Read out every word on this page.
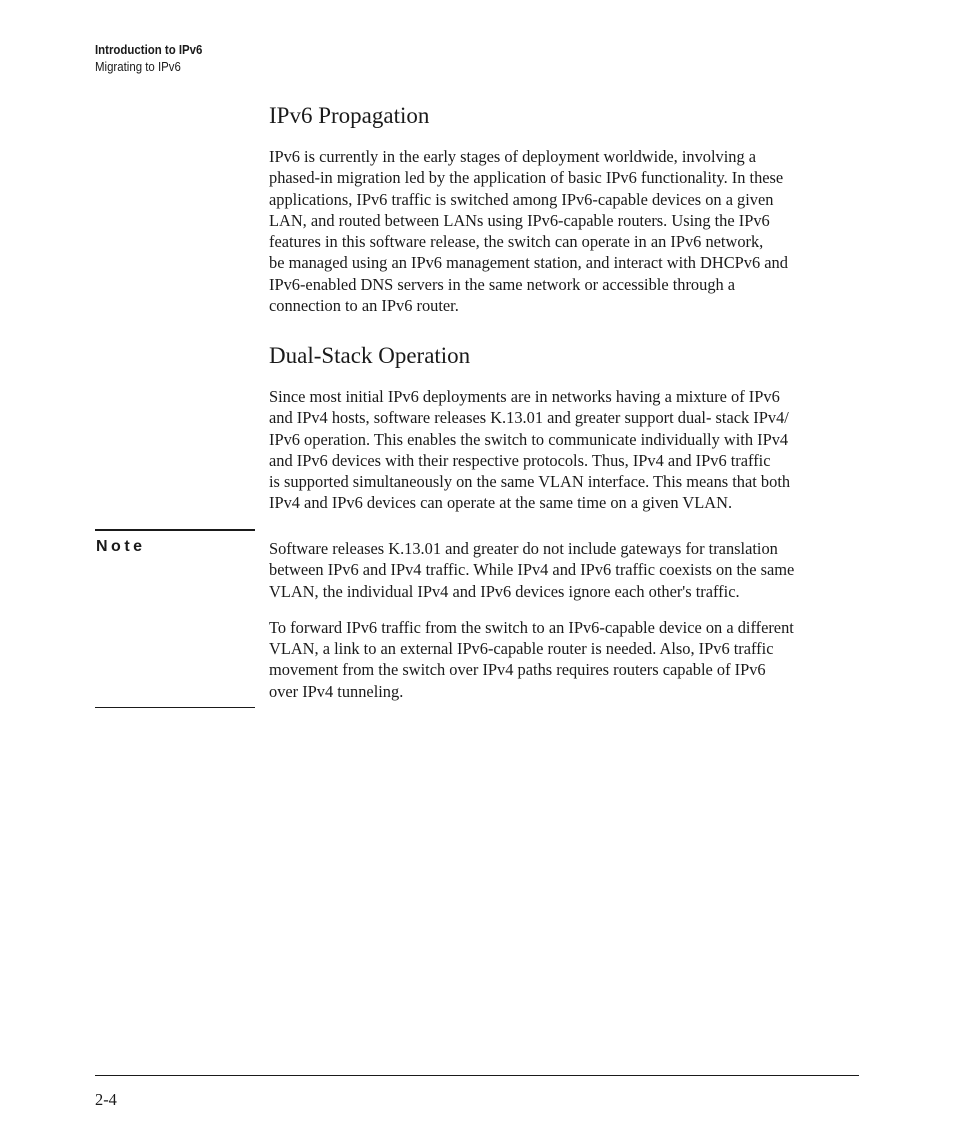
Introduction to IPv6
Migrating to IPv6
IPv6 Propagation

IPv6 is currently in the early stages of deployment worldwide, involving a
phased-in migration led by the application of basic IPv6 functionality. In these
applications, IPv6 traffic is switched among IPv6-capable devices on a given
LAN, and routed between LANs using IPv6-capable routers. Using the IPv6
features in this software release, the switch can operate in an IPv6 network,
be managed using an IPv6 management station, and interact with DHCPv6 and
IPv6-enabled DNS servers in the same network or accessible through a
connection to an IPv6 router.

Dual-Stack Operation

Since most initial IPv6 deployments are in networks having a mixture of IPv6
and IPv4 hosts, software releases K.13.01 and greater support dual- stack IPv4/
IPv6 operation. This enables the switch to communicate individually with IPv4
and IPv6 devices with their respective protocols. Thus, IPv4 and IPv6 traffic
is supported simultaneously on the same VLAN interface. This means that both
IPv4 and IPv6 devices can operate at the same time on a given VLAN.

Note	Software releases K.13.01 and greater do not include gateways for translation
between IPv6 and IPv4 traffic. While IPv4 and IPv6 traffic coexists on the same
VLAN, the individual IPv4 and IPv6 devices ignore each other's traffic.

To forward IPv6 traffic from the switch to an IPv6-capable device on a different
VLAN, a link to an external IPv6-capable router is needed. Also, IPv6 traffic
movement from the switch over IPv4 paths requires routers capable of IPv6
over IPv4 tunneling.

2-4
